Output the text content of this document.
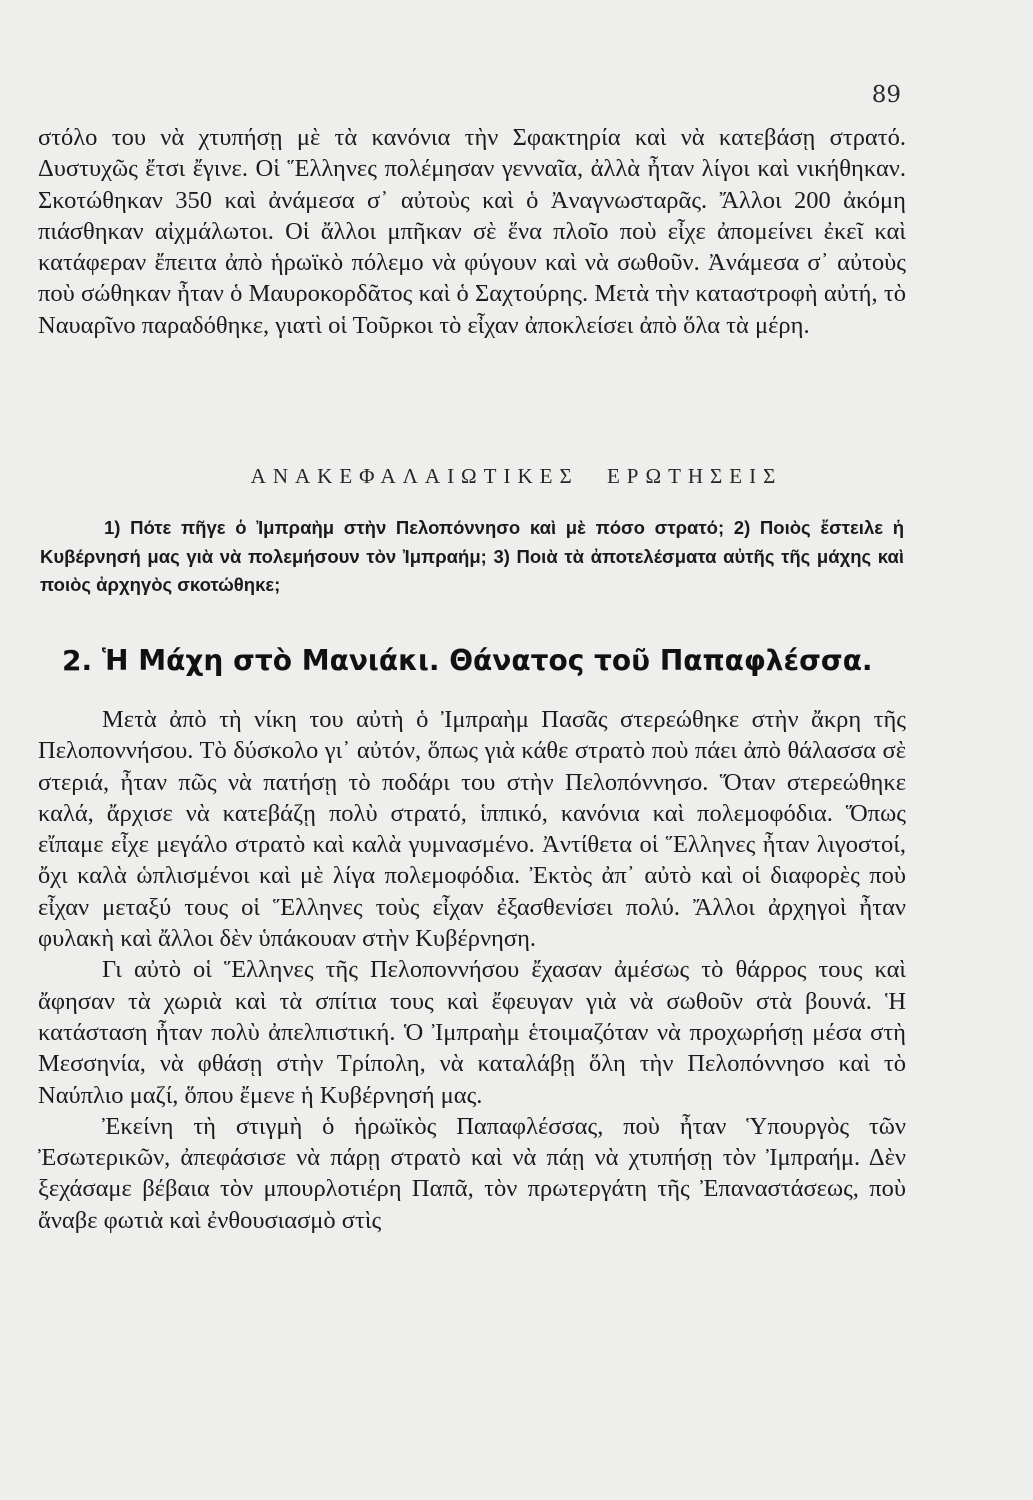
89

στόλο του νὰ χτυπήσῃ μὲ τὰ κανόνια τὴν Σφακτηρία καὶ νὰ κατεβάσῃ στρατό. Δυστυχῶς ἔτσι ἔγινε. Οἱ Ἕλληνες πολέμησαν γενναῖα, ἀλλὰ ἦταν λίγοι καὶ νικήθηκαν. Σκοτώθηκαν 350 καὶ ἀνάμεσα σ᾿ αὐτοὺς καὶ ὁ Ἀναγνωσταρᾶς. Ἄλλοι 200 ἀκόμη πιάσθηκαν αἰχμάλωτοι. Οἱ ἄλλοι μπῆκαν σὲ ἕνα πλοῖο ποὺ εἶχε ἀπομείνει ἐκεῖ καὶ κατάφεραν ἔπειτα ἀπὸ ἡρωϊκὸ πόλεμο νὰ φύγουν καὶ νὰ σωθοῦν. Ἀνάμεσα σ᾿ αὐτοὺς ποὺ σώθηκαν ἦταν ὁ Μαυροκορδᾶτος καὶ ὁ Σαχτούρης. Μετὰ τὴν καταστροφὴ αὐτή, τὸ Ναυαρῖνο παραδόθηκε, γιατὶ οἱ Τοῦρκοι τὸ εἶχαν ἀποκλείσει ἀπὸ ὅλα τὰ μέρη.

ΑΝΑΚΕΦΑΛΑΙΩΤΙΚΕΣ ΕΡΩΤΗΣΕΙΣ

1) Πότε πῆγε ὁ Ἰμπραὴμ στὴν Πελοπόννησο καὶ μὲ πόσο στρατό; 2) Ποιὸς ἔστειλε ἡ Κυβέρνησή μας γιὰ νὰ πολεμήσουν τὸν Ἰμπραήμ; 3) Ποιὰ τὰ ἀποτελέσματα αὐτῆς τῆς μάχης καὶ ποιὸς ἀρχηγὸς σκοτώθηκε;

2. Ἡ Μάχη στὸ Μανιάκι. Θάνατος τοῦ Παπαφλέσσα.

Μετὰ ἀπὸ τὴ νίκη του αὐτὴ ὁ Ἰμπραὴμ Πασᾶς στερεώθηκε στὴν ἄκρη τῆς Πελοποννήσου. Τὸ δύσκολο γι᾿ αὐτόν, ὅπως γιὰ κάθε στρατὸ ποὺ πάει ἀπὸ θάλασσα σὲ στεριά, ἦταν πῶς νὰ πατήσῃ τὸ ποδάρι του στὴν Πελοπόννησο. Ὅταν στερεώθηκε καλά, ἄρχισε νὰ κατεβάζῃ πολὺ στρατό, ἱππικό, κανόνια καὶ πολεμοφόδια. Ὅπως εἴπαμε εἶχε μεγάλο στρατὸ καὶ καλὰ γυμνασμένο. Ἀντίθετα οἱ Ἕλληνες ἦταν λιγοστοί, ὄχι καλὰ ὡπλισμένοι καὶ μὲ λίγα πολεμοφόδια. Ἐκτὸς ἀπ᾿ αὐτὸ καὶ οἱ διαφορὲς ποὺ εἶχαν μεταξύ τους οἱ Ἕλληνες τοὺς εἶχαν ἐξασθενίσει πολύ. Ἄλλοι ἀρχηγοὶ ἦταν φυλακὴ καὶ ἄλλοι δὲν ὑπάκουαν στὴν Κυβέρνηση.

Γι αὐτὸ οἱ Ἕλληνες τῆς Πελοποννήσου ἔχασαν ἀμέσως τὸ θάρρος τους καὶ ἄφησαν τὰ χωριὰ καὶ τὰ σπίτια τους καὶ ἔφευγαν γιὰ νὰ σωθοῦν στὰ βουνά. Ἡ κατάσταση ἦταν πολὺ ἀπελπιστική. Ὁ Ἰμπραὴμ ἑτοιμαζόταν νὰ προχωρήσῃ μέσα στὴ Μεσσηνία, νὰ φθάσῃ στὴν Τρίπολη, νὰ καταλάβῃ ὅλη τὴν Πελοπόννησο καὶ τὸ Ναύπλιο μαζί, ὅπου ἔμενε ἡ Κυβέρνησή μας.

Ἐκείνη τὴ στιγμὴ ὁ ἡρωϊκὸς Παπαφλέσσας, ποὺ ἦταν Ὑπουργὸς τῶν Ἐσωτερικῶν, ἀπεφάσισε νὰ πάρῃ στρατὸ καὶ νὰ πάῃ νὰ χτυπήσῃ τὸν Ἰμπραήμ. Δὲν ξεχάσαμε βέβαια τὸν μπουρλοτιέρη Παπᾶ, τὸν πρωτεργάτη τῆς Ἐπαναστάσεως, ποὺ ἄναβε φωτιὰ καὶ ἐνθουσιασμὸ στὶς
